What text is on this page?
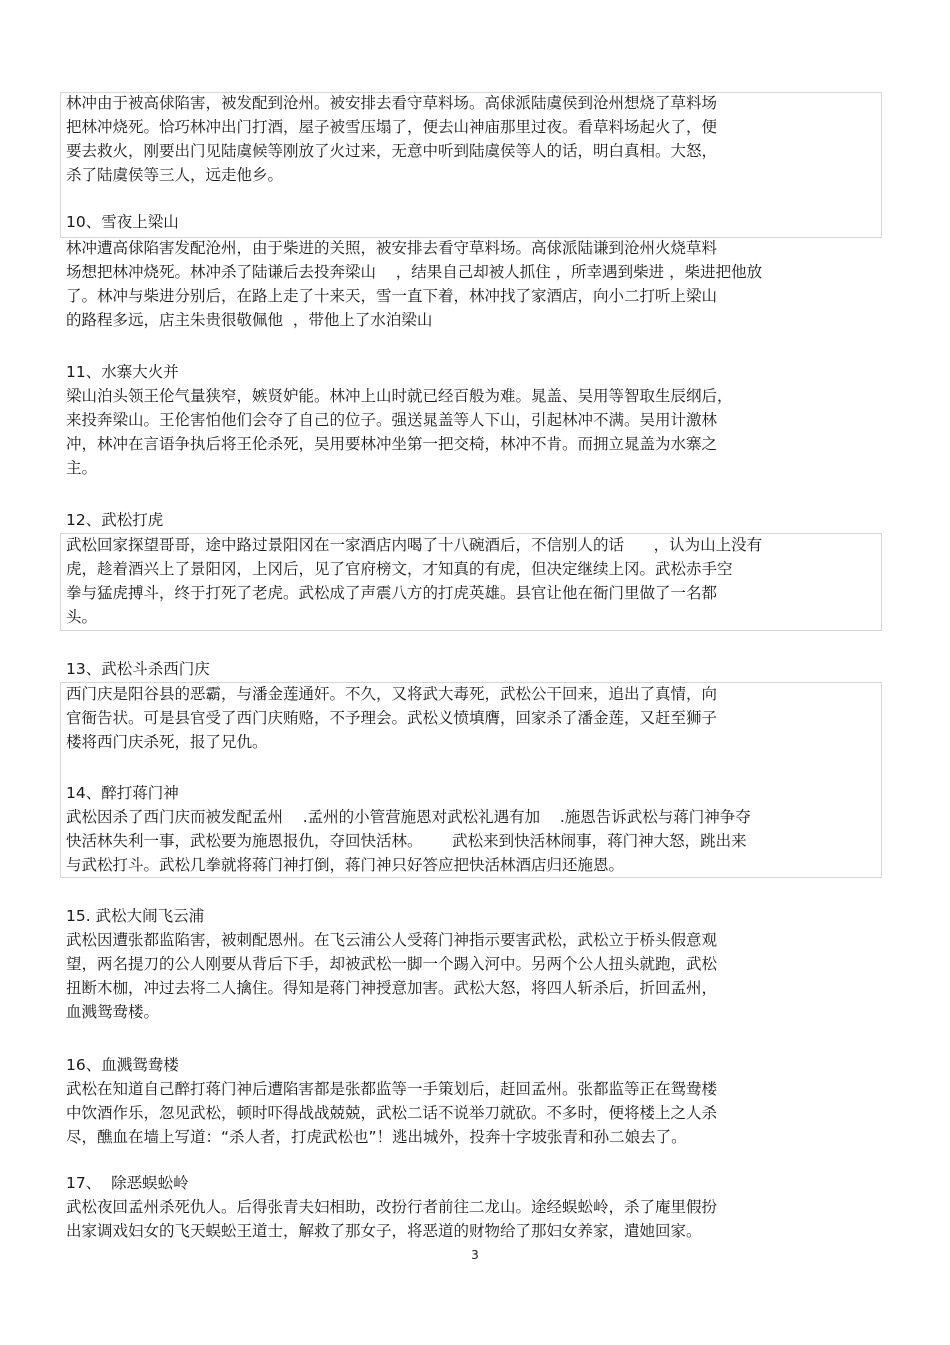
林冲由于被高俅陷害，被发配到沧州。被安排去看守草料场。高俅派陆虞侯到沧州想烧了草料场
把林冲烧死。恰巧林冲出门打酒，屋子被雪压塌了，便去山神庙那里过夜。看草料场起火了，便
要去救火，刚要出门见陆虞候等刚放了火过来，无意中听到陆虞侯等人的话，明白真相。大怒，
杀了陆虞侯等三人，远走他乡。
10、雪夜上梁山
林冲遭高俅陷害发配沧州，由于柴进的关照，被安排去看守草料场。高俅派陆谦到沧州火烧草料
场想把林冲烧死。林冲杀了陆谦后去投奔梁山    ，结果自己却被人抓住 ，所幸遇到柴进 ，柴进把他放
了。林冲与柴进分别后，在路上走了十来天，雪一直下着，林冲找了家酒店，向小二打听上梁山
的路程多远，店主朱贵很敬佩他  ，带他上了水泊梁山
11、水寨大火并
梁山泊头领王伦气量狭窄，嫉贤妒能。林冲上山时就已经百般为难。晁盖、吴用等智取生辰纲后，
来投奔梁山。王伦害怕他们会夺了自己的位子。强送晁盖等人下山，引起林冲不满。吴用计激林
冲，林冲在言语争执后将王伦杀死，吴用要林冲坐第一把交椅，林冲不肯。而拥立晁盖为水寨之
主。
12、武松打虎
武松回家探望哥哥，途中路过景阳冈在一家酒店内喝了十八碗酒后，不信别人的话      ，认为山上没有
虎，趁着酒兴上了景阳冈，上冈后，见了官府榜文，才知真的有虎，但决定继续上冈。武松赤手空
拳与猛虎搏斗，终于打死了老虎。武松成了声震八方的打虎英雄。县官让他在衙门里做了一名都
头。
13、武松斗杀西门庆
西门庆是阳谷县的恶霸，与潘金莲通奸。不久，又将武大毒死，武松公干回来，追出了真情，向
官衙告状。可是县官受了西门庆贿赂，不予理会。武松义愤填膺，回家杀了潘金莲，又赶至狮子
楼将西门庆杀死，报了兄仇。
14、醉打蒋门神
武松因杀了西门庆而被发配孟州    .孟州的小管营施恩对武松礼遇有加    .施恩告诉武松与蒋门神争夺
快活林失利一事，武松要为施恩报仇，夺回快活林。      武松来到快活林闹事，蒋门神大怒，跳出来
与武松打斗。武松几拳就将蒋门神打倒，蒋门神只好答应把快活林酒店归还施恩。
15. 武松大闹飞云浦
武松因遭张都监陷害，被刺配恩州。在飞云浦公人受蒋门神指示要害武松，武松立于桥头假意观
望，两名提刀的公人刚要从背后下手，却被武松一脚一个踢入河中。另两个公人扭头就跑，武松
扭断木枷，冲过去将二人擒住。得知是蒋门神授意加害。武松大怒，将四人斩杀后，折回孟州，
血溅鸳鸯楼。
16、血溅鸳鸯楼
武松在知道自己醉打蒋门神后遭陷害都是张都监等一手策划后，赶回孟州。张都监等正在鸳鸯楼
中饮酒作乐，忽见武松，顿时吓得战战兢兢，武松二话不说举刀就砍。不多时，便将楼上之人杀
尽，醮血在墙上写道：“杀人者，打虎武松也”！逃出城外，投奔十字坡张青和孙二娘去了。
17、  除恶蜈蚣岭
武松夜回孟州杀死仇人。后得张青夫妇相助，改扮行者前往二龙山。途经蜈蚣岭，杀了庵里假扮
出家调戏妇女的飞天蜈蚣王道士，解救了那女子，将恶道的财物给了那妇女养家，遣她回家。
3
